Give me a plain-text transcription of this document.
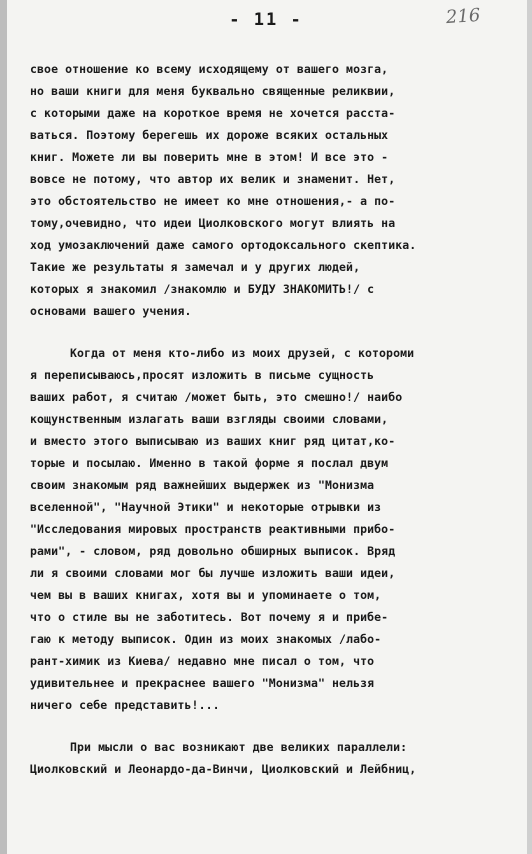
- 11 -	216
свое отношение ко всему исходящему от вашего мозга,
но ваши книги для меня буквально священные реликвии,
с которыми даже на короткое время не хочется расста-
ваться. Поэтому берегешь их дороже всяких остальных
книг. Можете ли вы поверить мне в этом! И все это -
вовсе не потому, что автор их велик и знаменит. Нет,
это обстоятельство не имеет ко мне отношения,- а по-
тому,очевидно, что идеи Циолковского могут влиять на
ход умозаключений даже самого ортодоксального скептика.
Такие же результаты я замечал и у других людей,
которых я знакомил /знакомлю и БУДУ ЗНАКОМИТЬ!/ с
основами вашего учения.
Когда от меня кто-либо из моих друзей, с котороми
я переписываюсь,просят изложить в письме сущность
ваших работ, я считаю /может быть, это смешно!/ наибо
кощунственным излагать ваши взгляды своими словами,
и вместо этого выписываю из ваших книг ряд цитат,ко-
торые и посылаю. Именно в такой форме я послал двум
своим знакомым ряд важнейших выдержек из "Монизма
вселенной", "Научной Этики" и некоторые отрывки из
"Исследования мировых пространств реактивными прибо-
рами", - словом, ряд довольно обширных выписок. Вряд
ли я своими словами мог бы лучше изложить ваши идеи,
чем вы в ваших книгах, хотя вы и упоминаете о том,
что о стиле вы не заботитесь. Вот почему я и прибе-
гаю к методу выписок. Один из моих знакомых /лабо-
рант-химик из Киева/ недавно мне писал о том, что
удивительнее и прекраснее вашего "Монизма" нельзя
ничего себе представить!...
При мысли о вас возникают две великих параллели:
Циолковский и Леонардо-да-Винчи, Циолковский и Лейбниц,
